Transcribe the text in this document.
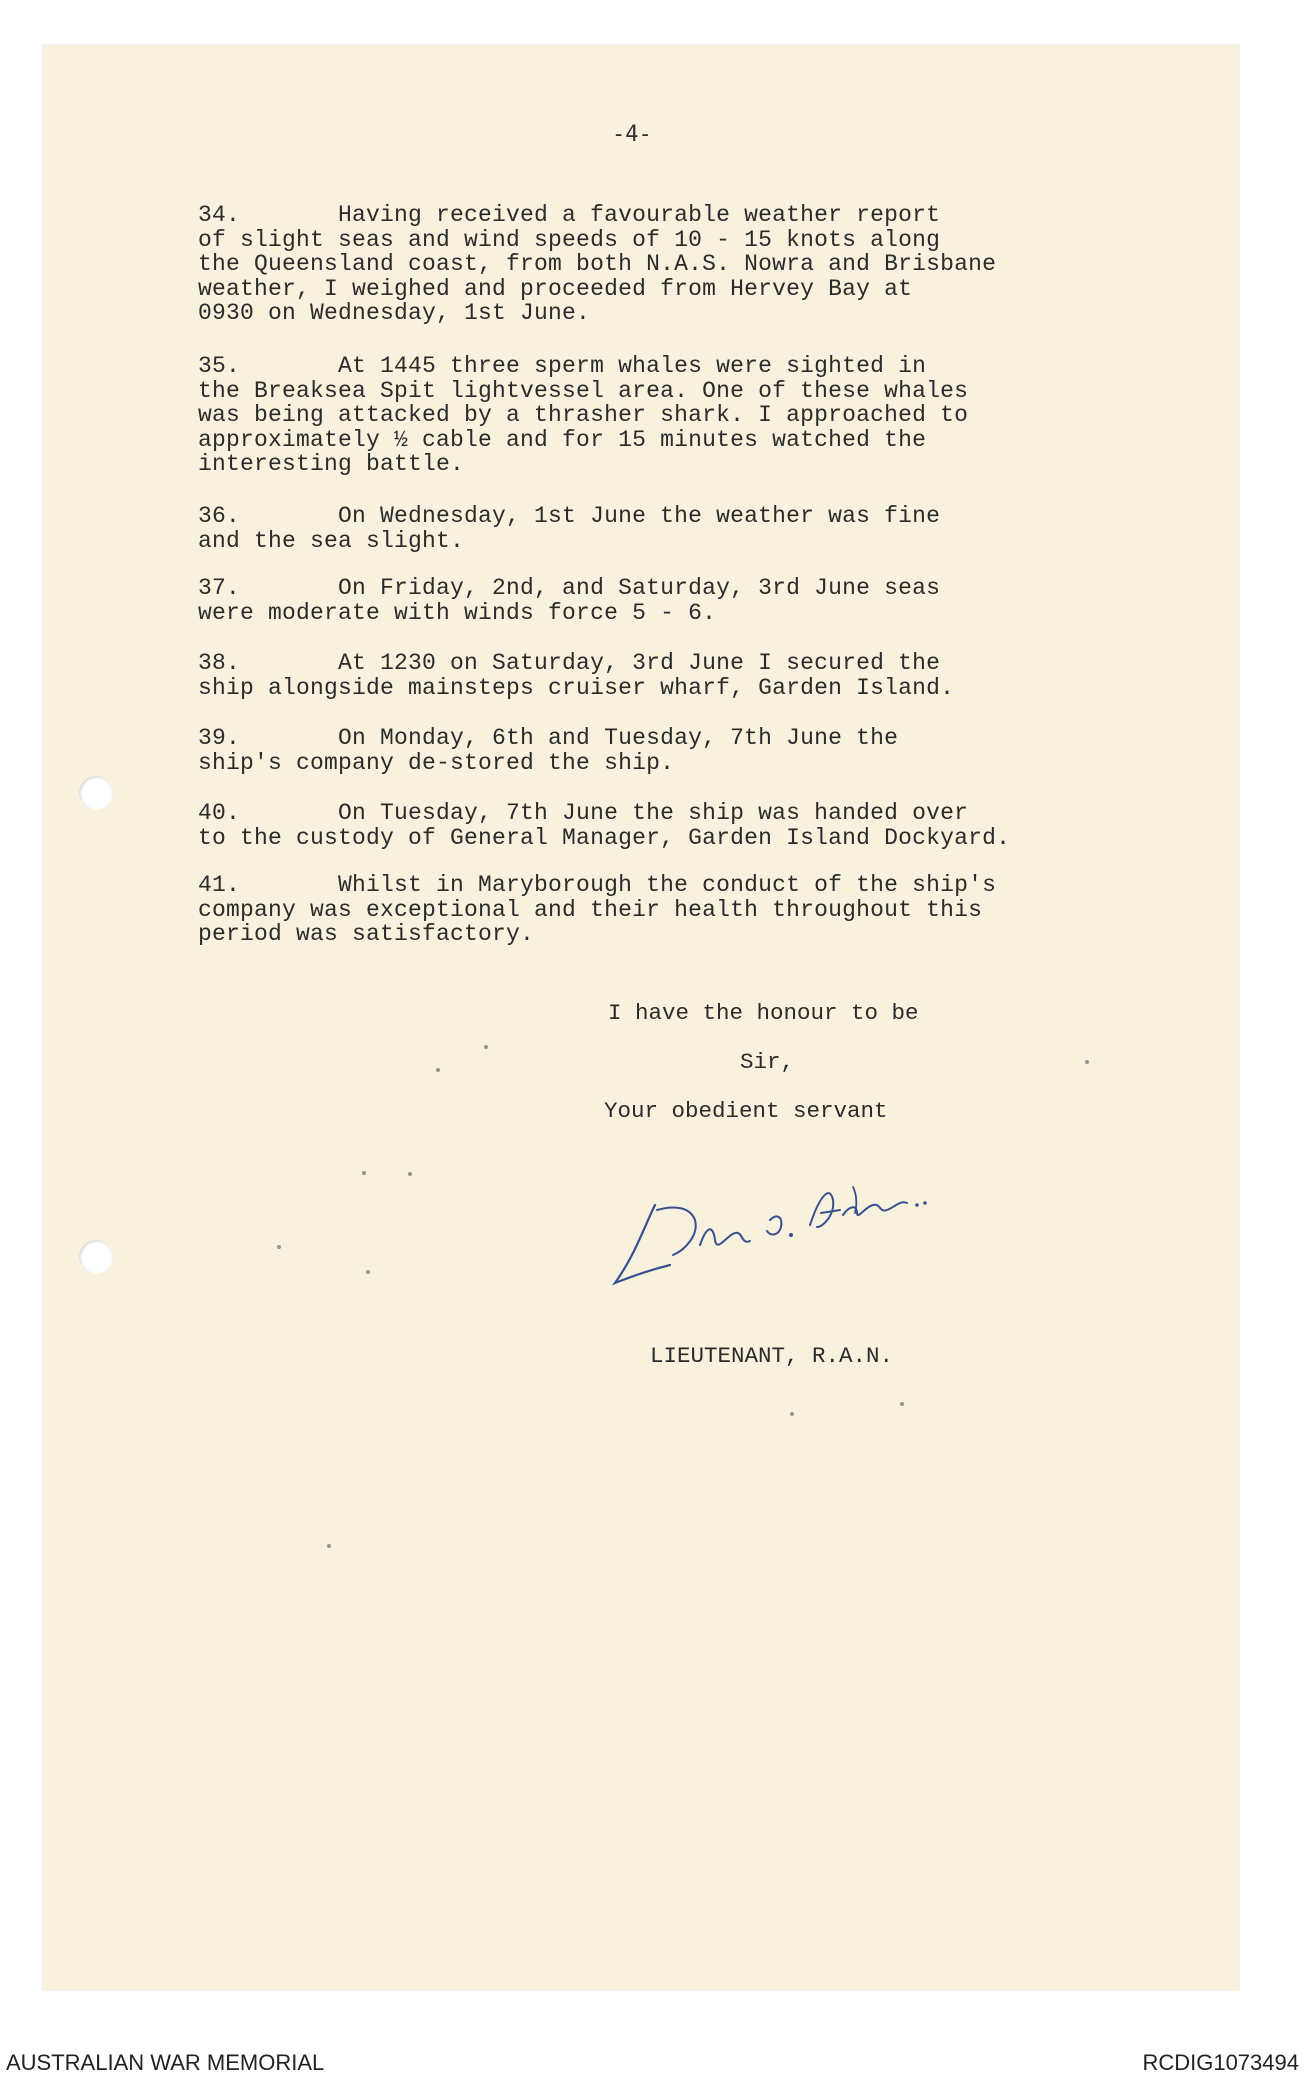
-4-
34.       Having received a favourable weather report
of slight seas and wind speeds of 10 - 15 knots along
the Queensland coast, from both N.A.S. Nowra and Brisbane
weather, I weighed and proceeded from Hervey Bay at
0930 on Wednesday, 1st June.
35.       At 1445 three sperm whales were sighted in
the Breaksea Spit lightvessel area. One of these whales
was being attacked by a thrasher shark. I approached to
approximately ½ cable and for 15 minutes watched the
interesting battle.
36.       On Wednesday, 1st June the weather was fine
and the sea slight.
37.       On Friday, 2nd, and Saturday, 3rd June seas
were moderate with winds force 5 - 6.
38.       At 1230 on Saturday, 3rd June I secured the
ship alongside mainsteps cruiser wharf, Garden Island.
39.       On Monday, 6th and Tuesday, 7th June the
ship's company de-stored the ship.
40.       On Tuesday, 7th June the ship was handed over
to the custody of General Manager, Garden Island Dockyard.
41.       Whilst in Maryborough the conduct of the ship's
company was exceptional and their health throughout this
period was satisfactory.
I have the honour to be
Sir,
Your obedient servant
LIEUTENANT, R.A.N.
AUSTRALIAN WAR MEMORIAL	RCDIG1073494
